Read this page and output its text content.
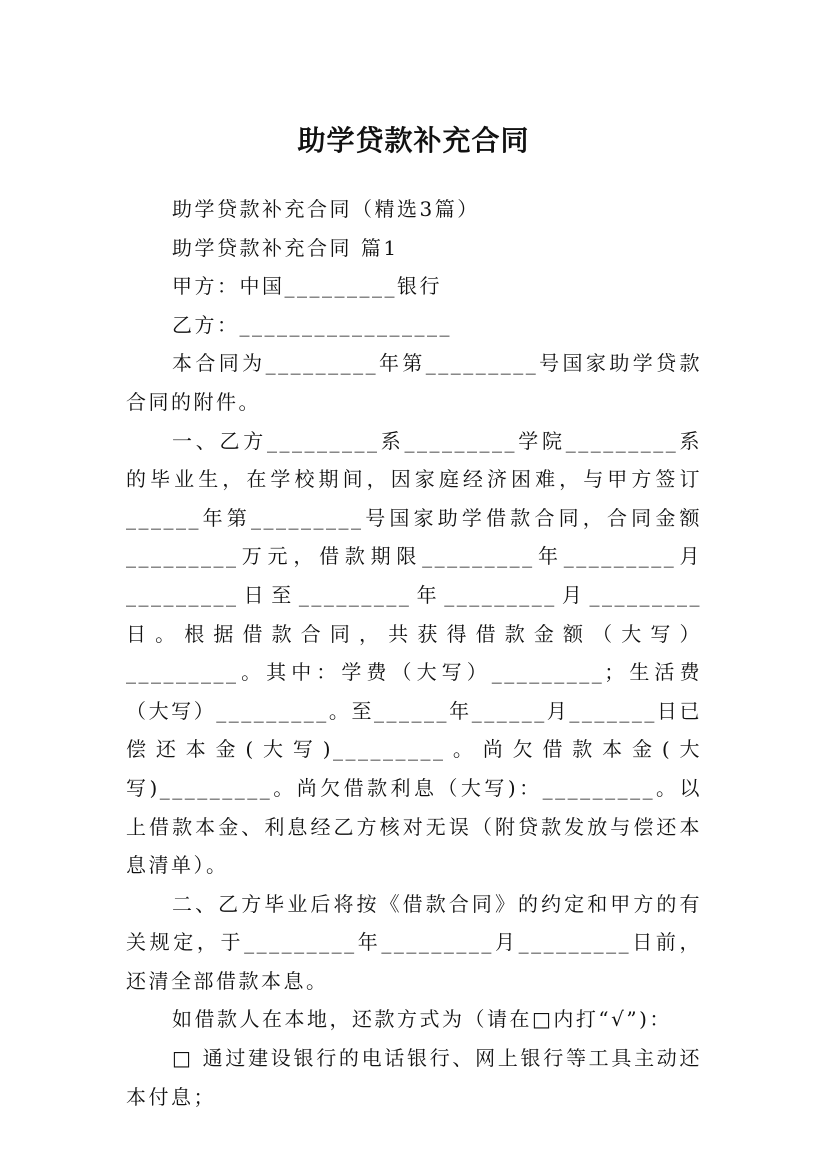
助学贷款补充合同

助学贷款补充合同（精选3篇）

助学贷款补充合同 篇1

甲方：中国_________银行

乙方：_________________

本合同为_________年第_________号国家助学贷款合同的附件。

一、乙方_________系_________学院_________系的毕业生，在学校期间，因家庭经济困难，与甲方签订______年第_________号国家助学借款合同，合同金额_________万元，借款期限_________年_________月_________日至_________年_________月_________日。根据借款合同，共获得借款金额（大写）_________。其中：学费（大写）_________；生活费（大写）_________。至______年______月_______日已偿还本金(大写)_________。尚欠借款本金(大写)_________。尚欠借款利息（大写)：_________。以上借款本金、利息经乙方核对无误（附贷款发放与偿还本息清单）。

二、乙方毕业后将按《借款合同》的约定和甲方的有关规定，于_________年_________月_________日前，还清全部借款本息。

如借款人在本地，还款方式为（请在□内打“√”)：

□ 通过建设银行的电话银行、网上银行等工具主动还本付息；
